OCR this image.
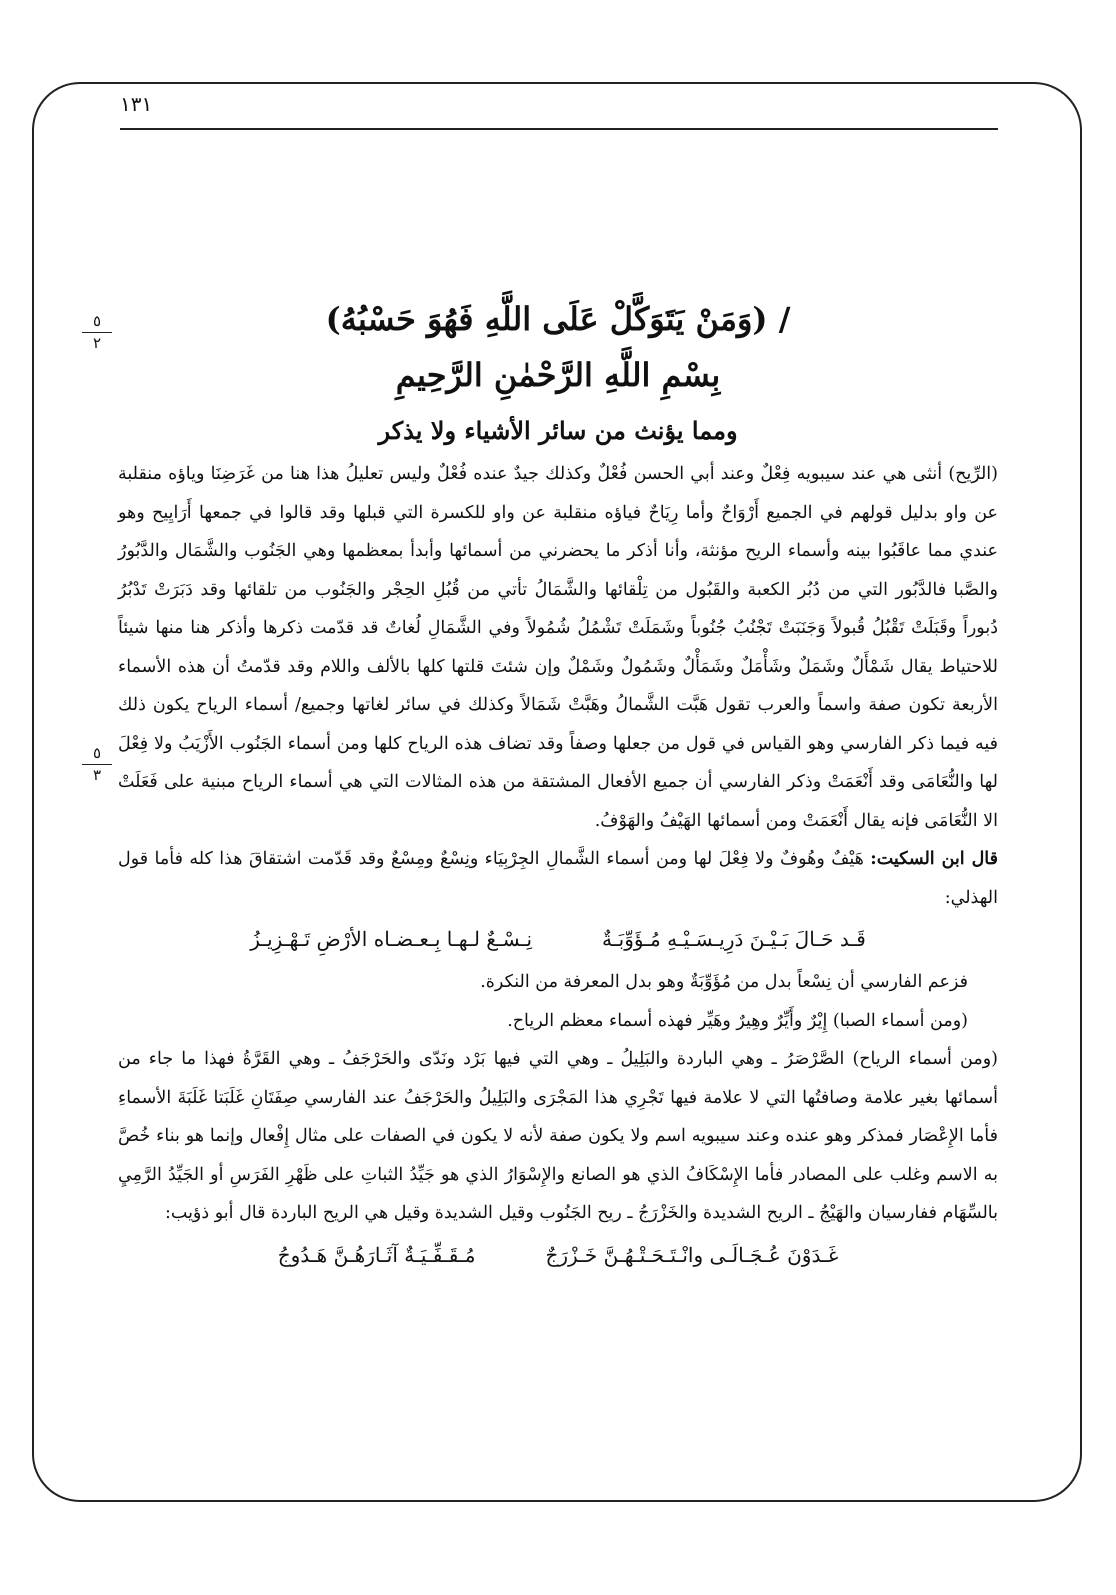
١٣١
٥
٢
٥
٣
/ (وَمَنْ يَتَوَكَّلْ عَلَى اللَّهِ فَهُوَ حَسْبُهُ)
بِسْمِ اللَّهِ الرَّحْمٰنِ الرَّحِيمِ
ومما يؤنث من سائر الأشياء ولا يذكر

(الرِّيح) أنثى هي عند سيبويه فِعْلٌ وعند أبي الحسن فُعْلٌ وكذلك جيدٌ عنده فُعْلٌ وليس تعليلُ هذا هنا من غَرَضِنَا وياؤه منقلبة عن واو بدليل قولهم في الجميع أَرْوَاحٌ وأما رِيَاحٌ فياؤه منقلبة عن واو للكسرة التي قبلها وقد قالوا في جمعها أَرَايِيح وهو عندي مما عاقَبُوا بينه وأسماء الريح مؤنثة، وأنا أذكر ما يحضرني من أسمائها وأبدأ بمعظمها وهي الجَنُوب والشَّمَال والدَّبُورُ والصَّبا فالدَّبُور التي من دُبُر الكعبة والقَبُول من تِلْقائها والشَّمَالُ تأتي من قُبُلِ الحِجْر والجَنُوب من تلقائها وقد دَبَرَتْ تَدْبُرُ دُبوراً وقَبَلَتْ تَقْبُلُ قُبولاً وَجَنَبَتْ تَجْنُبُ جُنُوباً وشَمَلَتْ تَشْمُلُ شُمُولاً وفي الشَّمَالِ لُغاتٌ قد قدّمت ذكرها وأذكر هنا منها شيئاً للاحتياط يقال شَمْأَلٌ وشَمَلٌ وشَأْمَلٌ وشَمَأْلٌ وشَمُولٌ وشَمْلٌ وإن شئتَ قلتها كلها بالألف واللام وقد قدّمتُ أن هذه الأسماء الأربعة تكون صفة واسماً والعرب تقول هَبَّت الشَّمالُ وهَبَّتْ شَمَالاً وكذلك في سائر لغاتها وجميع/ أسماء الرياح يكون ذلك فيه فيما ذكر الفارسي وهو القياس في قول من جعلها وصفاً وقد تضاف هذه الرياح كلها ومن أسماء الجَنُوب الأَزْيَبُ ولا فِعْلَ لها والنُّعَامَى وقد أَنْعَمَتْ وذكر الفارسي أن جميع الأفعال المشتقة من هذه المثالات التي هي أسماء الرياح مبنية على فَعَلَتْ الا النُّعَامَى فإنه يقال أَنْعَمَتْ ومن أسمائها الهَيْفُ والهَوْفُ.

قال ابن السكيت: هَيْفٌ وهُوفٌ ولا فِعْلَ لها ومن أسماء الشَّمالِ الجِرْبِيَاء ونِسْعٌ ومِسْعٌ وقد قَدّمت اشتقاقَ هذا كله فأما قول الهذلي:

قَـد حَـالَ بَـيْـنَ دَرِيـسَـيْـهِ مُـؤَوِّبَـةٌ
نِـسْـعٌ لـهـا بِـعـضـاه الأرْضِ تَـهْـزِيـزُ

فزعم الفارسي أن نِسْعاً بدل من مُؤَوِّبَةٌ وهو بدل المعرفة من النكرة.

(ومن أسماء الصبا) إِيْرٌ وأَيِّرٌ وهِيرٌ وهَيِّر فهذه أسماء معظم الرياح.

(ومن أسماء الرياح) الصَّرْصَرُ ـ وهي الباردة والبَلِيلُ ـ وهي التي فيها بَرْد ونَدّى والحَرْجَفُ ـ وهي القَرَّةُ فهذا ما جاء من أسمائها بغير علامة وصافتُها التي لا علامة فيها تَجْرِي هذا المَجْرَى والبَلِيلُ والحَرْجَفُ عند الفارسي صِفَتَانِ غَلَبَتا غَلَبَةَ الأسماءِ فأما الإِعْصَار فمذكر وهو عنده وعند سيبويه اسم ولا يكون صفة لأنه لا يكون في الصفات على مثال إِفْعال وإنما هو بناء خُصَّ به الاسم وغلب على المصادر فأما الإِسْكَافُ الذي هو الصانع والإِسْوَارُ الذي هو جَيِّدُ الثباتِ على ظَهْرِ الفَرَسِ أو الجَيِّدُ الرَّمِيِ بالسِّهَام ففارسيان والهَيْجُ ـ الريح الشديدة والخَزْرَجُ ـ ريح الجَنُوب وقيل الشديدة وقيل هي الريح الباردة قال أبو ذؤيب:

غَـدَوْنَ عُـجَـالَـى وانْـتَـحَـتْـهُـنَّ خَـزْرَجٌ
مُـقَـفِّـيَـةٌ آثَـارَهُـنَّ هَـدُوجُ
